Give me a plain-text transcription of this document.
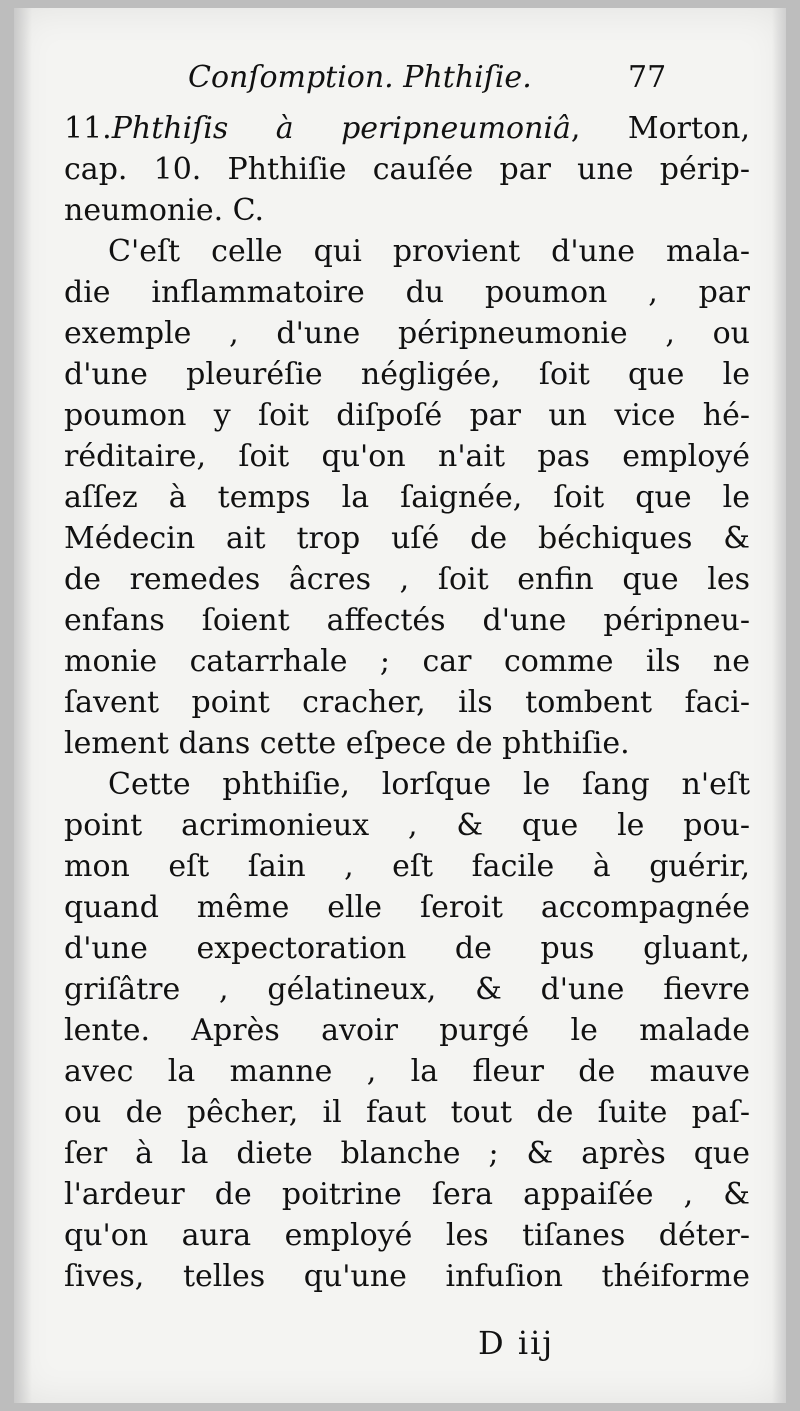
Conſomption. Phthiſie.	77
11.Phthiſis à peripneumoniâ, Morton,
cap. 10. Phthiſie cauſée par une périp-
neumonie. C.
C'eſt celle qui provient d'une mala-
die inflammatoire du poumon , par
exemple , d'une péripneumonie , ou
d'une pleuréſie négligée, ſoit que le
poumon y ſoit diſpoſé par un vice hé-
réditaire, ſoit qu'on n'ait pas employé
aſſez à temps la ſaignée, ſoit que le
Médecin ait trop uſé de béchiques &
de remedes âcres , ſoit enfin que les
enfans ſoient affectés d'une péripneu-
monie catarrhale ; car comme ils ne
ſavent point cracher, ils tombent faci-
lement dans cette eſpece de phthiſie.
Cette phthiſie, lorſque le ſang n'eſt
point acrimonieux , & que le pou-
mon eſt ſain , eſt facile à guérir,
quand même elle ſeroit accompagnée
d'une expectoration de pus gluant,
griſâtre , gélatineux, & d'une fievre
lente. Après avoir purgé le malade
avec la manne , la fleur de mauve
ou de pêcher, il faut tout de ſuite paſ-
ſer à la diete blanche ; & après que
l'ardeur de poitrine ſera appaiſée , &
qu'on aura employé les tiſanes déter-
ſives, telles qu'une infuſion théiforme
D iij
